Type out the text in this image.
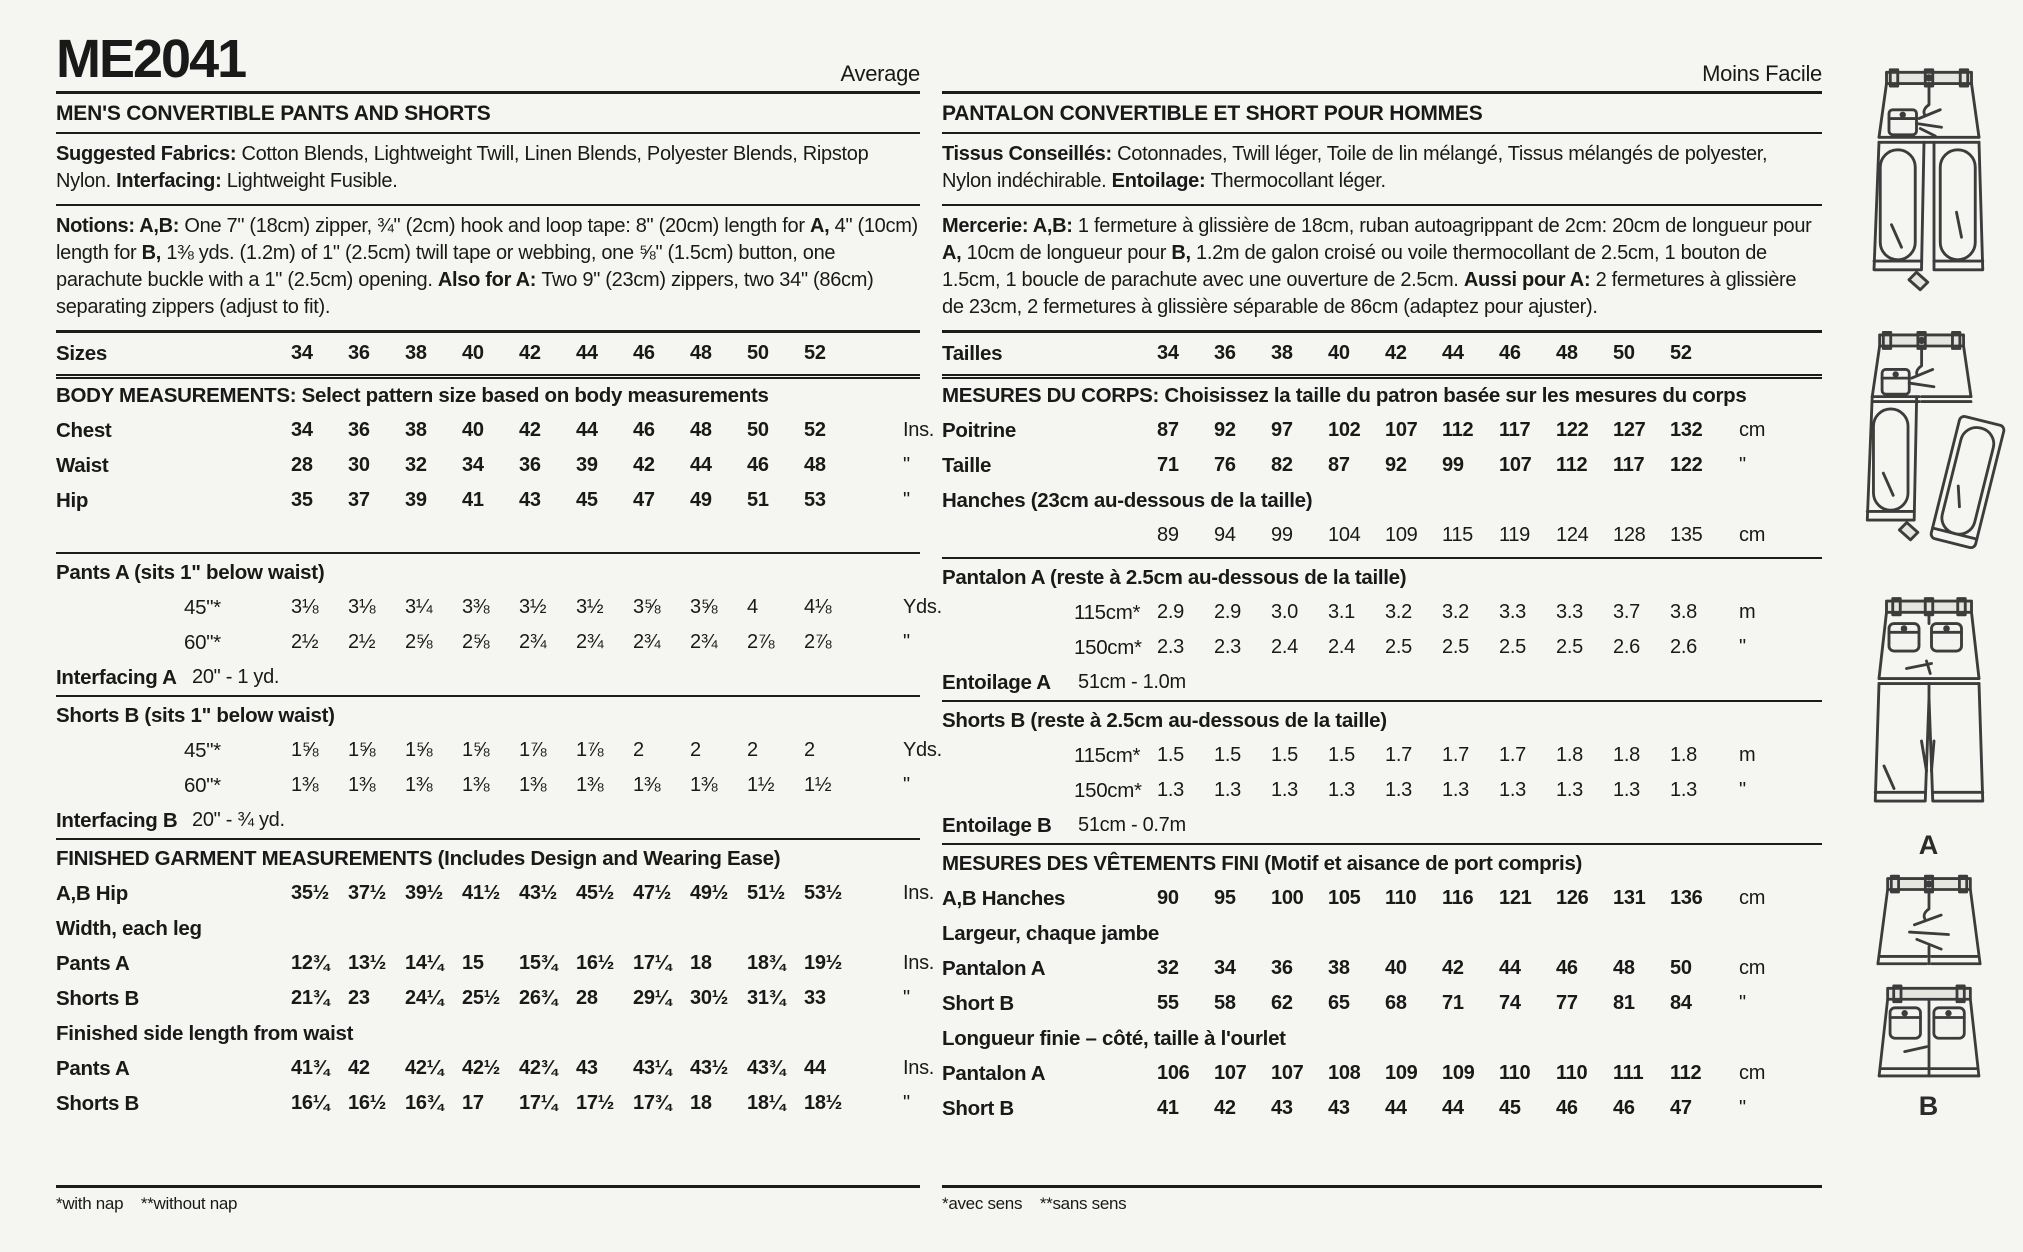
ME2041	Average
MEN'S CONVERTIBLE PANTS AND SHORTS
Suggested Fabrics: Cotton Blends, Lightweight Twill, Linen Blends, Polyester Blends, Ripstop Nylon. Interfacing: Lightweight Fusible.
Notions: A,B: One 7" (18cm) zipper, ¾" (2cm) hook and loop tape: 8" (20cm) length for A, 4" (10cm) length for B, 1⅜ yds. (1.2m) of 1" (2.5cm) twill tape or webbing, one ⅝" (1.5cm) button, one parachute buckle with a 1" (2.5cm) opening. Also for A: Two 9" (23cm) zippers, two 34" (86cm) separating zippers (adjust to fit).
Sizes	34	36	38	40	42	44	46	48	50	52
BODY MEASUREMENTS: Select pattern size based on body measurements
Chest	34	36	38	40	42	44	46	48	50	52	Ins.
Waist	28	30	32	34	36	39	42	44	46	48	"
Hip	35	37	39	41	43	45	47	49	51	53	"
Pants A (sits 1" below waist)
45"*	3⅛	3⅛	3¼	3⅜	3½	3½	3⅝	3⅝	4	4⅛	Yds.
60"*	2½	2½	2⅝	2⅝	2¾	2¾	2¾	2¾	2⅞	2⅞	"
Interfacing A 20" - 1 yd.
Shorts B (sits 1" below waist)
45"*	1⅝	1⅝	1⅝	1⅝	1⅞	1⅞	2	2	2	2	Yds.
60"*	1⅜	1⅜	1⅜	1⅜	1⅜	1⅜	1⅜	1⅜	1½	1½	"
Interfacing B 20" - ¾ yd.
FINISHED GARMENT MEASUREMENTS (Includes Design and Wearing Ease)
A,B Hip	35½ 37½ 39½ 41½ 43½ 45½ 47½ 49½ 51½ 53½	Ins.
Width, each leg
Pants A	12¾ 13½ 14¼ 15	15¾ 16½ 17¼ 18	18¾ 19½	Ins.
Shorts B	21¾ 23	24¼ 25½ 26¾ 28	29¼ 30½ 31¾ 33	"
Finished side length from waist
Pants A	41¾ 42	42¼ 42½ 42¾ 43	43¼ 43½ 43¾ 44	Ins.
Shorts B	16¼ 16½ 16¾ 17	17¼ 17½ 17¾ 18	18¼ 18½	"
*with nap    **without nap
Moins Facile
PANTALON CONVERTIBLE ET SHORT POUR HOMMES
Tissus Conseillés: Cotonnades, Twill léger, Toile de lin mélangé, Tissus mélangés de polyester, Nylon indéchirable. Entoilage: Thermocollant léger.
Mercerie: A,B: 1 fermeture à glissière de 18cm, ruban autoagrippant de 2cm: 20cm de longueur pour A, 10cm de longueur pour B, 1.2m de galon croisé ou voile thermocollant de 2.5cm, 1 bouton de 1.5cm, 1 boucle de parachute avec une ouverture de 2.5cm. Aussi pour A: 2 fermetures à glissière de 23cm, 2 fermetures à glissière séparable de 86cm (adaptez pour ajuster).
Tailles	34	36	38	40	42	44	46	48	50	52
MESURES DU CORPS: Choisissez la taille du patron basée sur les mesures du corps
Poitrine	87	92	97	102	107	112	117	122	127	132	cm
Taille	71	76	82	87	92	99	107	112	117	122	"
Hanches (23cm au-dessous de la taille)
89	94	99	104	109	115	119	124	128	135	cm
Pantalon A (reste à 2.5cm au-dessous de la taille)
115cm* 2.9	2.9	3.0	3.1	3.2	3.2	3.3	3.3	3.7	3.8	m
150cm* 2.3	2.3	2.4	2.4	2.5	2.5	2.5	2.5	2.6	2.6	"
Entoilage A	51cm - 1.0m
Shorts B (reste à 2.5cm au-dessous de la taille)
115cm* 1.5	1.5	1.5	1.5	1.7	1.7	1.7	1.8	1.8	1.8	m
150cm* 1.3	1.3	1.3	1.3	1.3	1.3	1.3	1.3	1.3	1.3	"
Entoilage B	51cm - 0.7m
MESURES DES VÊTEMENTS FINI (Motif et aisance de port compris)
A,B Hanches	90	95	100	105	110	116	121	126	131	136	cm
Largeur, chaque jambe
Pantalon A	32	34	36	38	40	42	44	46	48	50	cm
Short B	55	58	62	65	68	71	74	77	81	84	"
Longueur finie – côté, taille à l'ourlet
Pantalon A	106	107	107	108	109	109	110	110	111	112	cm
Short B	41	42	43	43	44	44	45	46	46	47	"
*avec sens    **sans sens
A
B
